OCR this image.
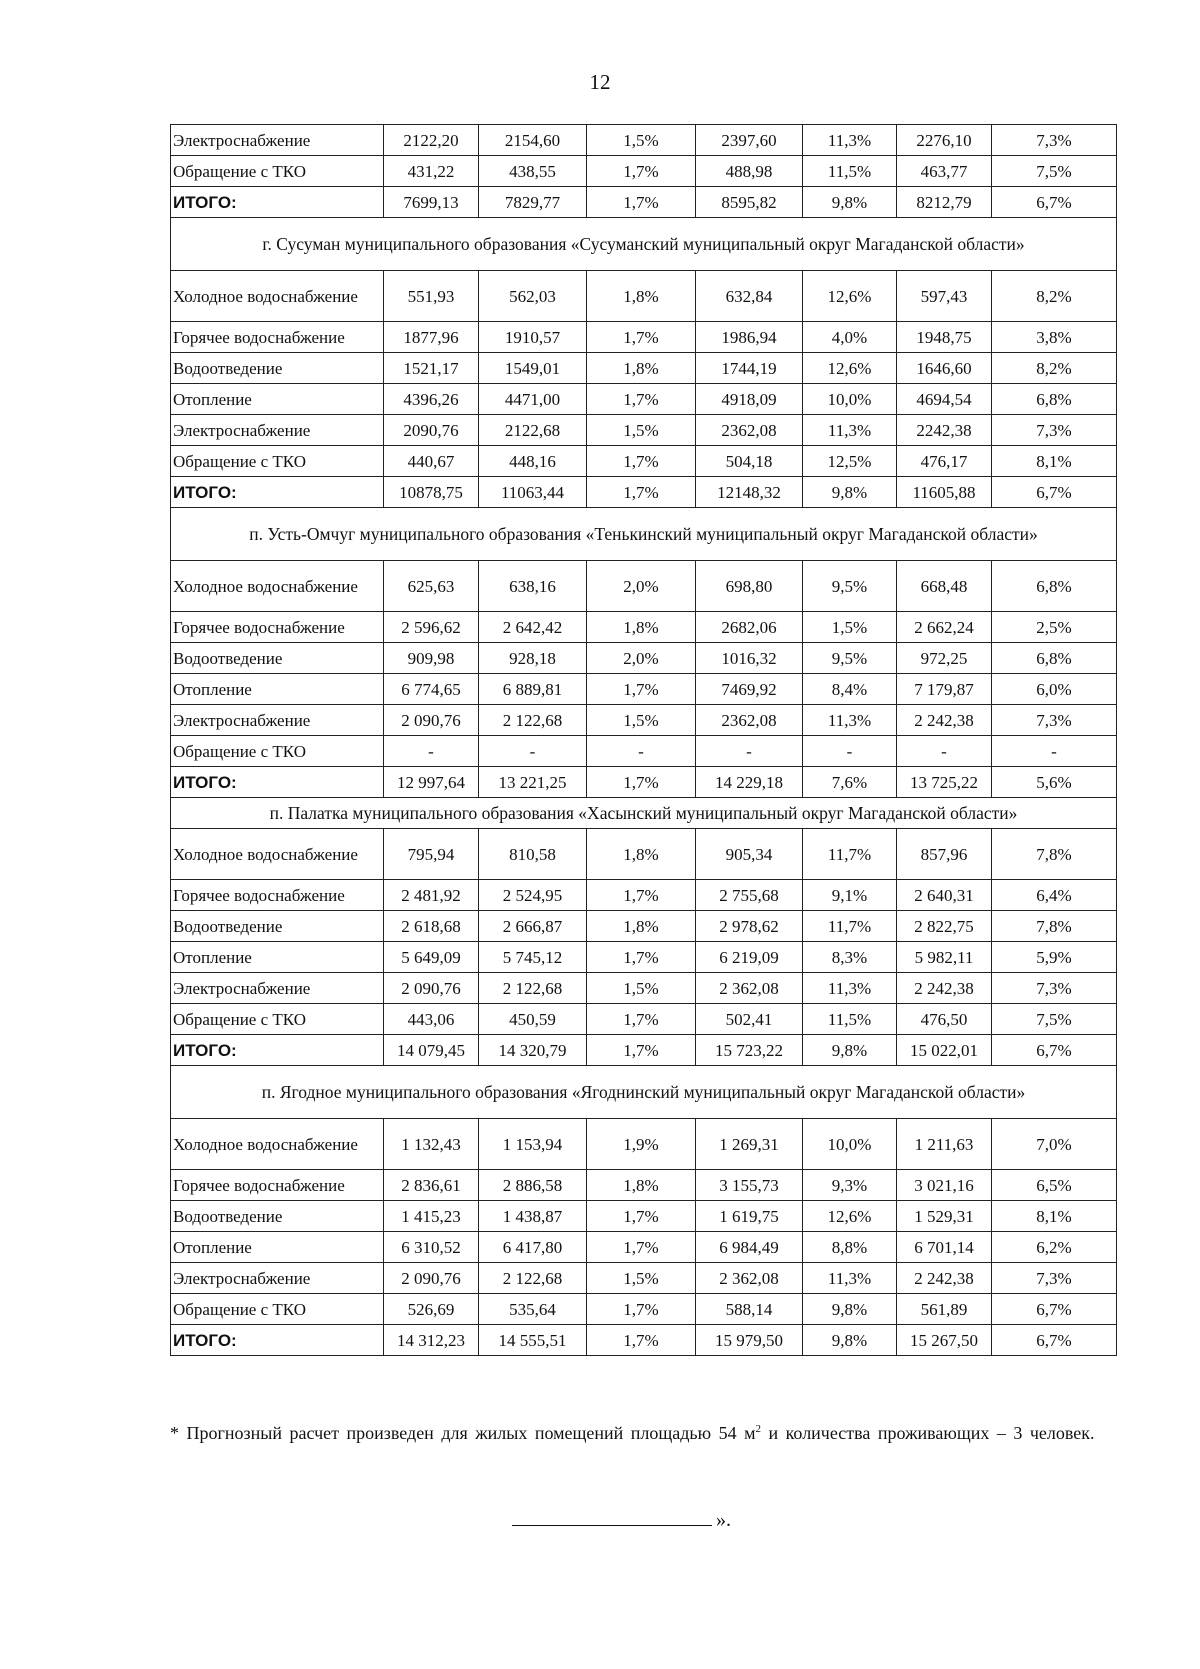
12
Электроснабжение	2122,20	2154,60	1,5%	2397,60	11,3%	2276,10	7,3%
Обращение с ТКО	431,22	438,55	1,7%	488,98	11,5%	463,77	7,5%
ИТОГО:	7699,13	7829,77	1,7%	8595,82	9,8%	8212,79	6,7%
г. Сусуман муниципального образования «Сусуманский муниципальный округ Магаданской области»							
Холодное водоснабжение	551,93	562,03	1,8%	632,84	12,6%	597,43	8,2%
Горячее водоснабжение	1877,96	1910,57	1,7%	1986,94	4,0%	1948,75	3,8%
Водоотведение	1521,17	1549,01	1,8%	1744,19	12,6%	1646,60	8,2%
Отопление	4396,26	4471,00	1,7%	4918,09	10,0%	4694,54	6,8%
Электроснабжение	2090,76	2122,68	1,5%	2362,08	11,3%	2242,38	7,3%
Обращение с ТКО	440,67	448,16	1,7%	504,18	12,5%	476,17	8,1%
ИТОГО:	10878,75	11063,44	1,7%	12148,32	9,8%	11605,88	6,7%
п. Усть-Омчуг муниципального образования «Тенькинский муниципальный округ Магаданской области»							
Холодное водоснабжение	625,63	638,16	2,0%	698,80	9,5%	668,48	6,8%
Горячее водоснабжение	2 596,62	2 642,42	1,8%	2682,06	1,5%	2 662,24	2,5%
Водоотведение	909,98	928,18	2,0%	1016,32	9,5%	972,25	6,8%
Отопление	6 774,65	6 889,81	1,7%	7469,92	8,4%	7 179,87	6,0%
Электроснабжение	2 090,76	2 122,68	1,5%	2362,08	11,3%	2 242,38	7,3%
Обращение с ТКО	-	-	-	-	-	-	-
ИТОГО:	12 997,64	13 221,25	1,7%	14 229,18	7,6%	13 725,22	5,6%
п. Палатка муниципального образования «Хасынский муниципальный округ Магаданской области»							
Холодное водоснабжение	795,94	810,58	1,8%	905,34	11,7%	857,96	7,8%
Горячее водоснабжение	2 481,92	2 524,95	1,7%	2 755,68	9,1%	2 640,31	6,4%
Водоотведение	2 618,68	2 666,87	1,8%	2 978,62	11,7%	2 822,75	7,8%
Отопление	5 649,09	5 745,12	1,7%	6 219,09	8,3%	5 982,11	5,9%
Электроснабжение	2 090,76	2 122,68	1,5%	2 362,08	11,3%	2 242,38	7,3%
Обращение с ТКО	443,06	450,59	1,7%	502,41	11,5%	476,50	7,5%
ИТОГО:	14 079,45	14 320,79	1,7%	15 723,22	9,8%	15 022,01	6,7%
п. Ягодное муниципального образования «Ягоднинский муниципальный округ Магаданской области»							
Холодное водоснабжение	1 132,43	1 153,94	1,9%	1 269,31	10,0%	1 211,63	7,0%
Горячее водоснабжение	2 836,61	2 886,58	1,8%	3 155,73	9,3%	3 021,16	6,5%
Водоотведение	1 415,23	1 438,87	1,7%	1 619,75	12,6%	1 529,31	8,1%
Отопление	6 310,52	6 417,80	1,7%	6 984,49	8,8%	6 701,14	6,2%
Электроснабжение	2 090,76	2 122,68	1,5%	2 362,08	11,3%	2 242,38	7,3%
Обращение с ТКО	526,69	535,64	1,7%	588,14	9,8%	561,89	6,7%
ИТОГО:	14 312,23	14 555,51	1,7%	15 979,50	9,8%	15 267,50	6,7%
* Прогнозный расчет произведен для жилых помещений площадью 54 $м^2$ и количества проживающих – 3 человек.
».
